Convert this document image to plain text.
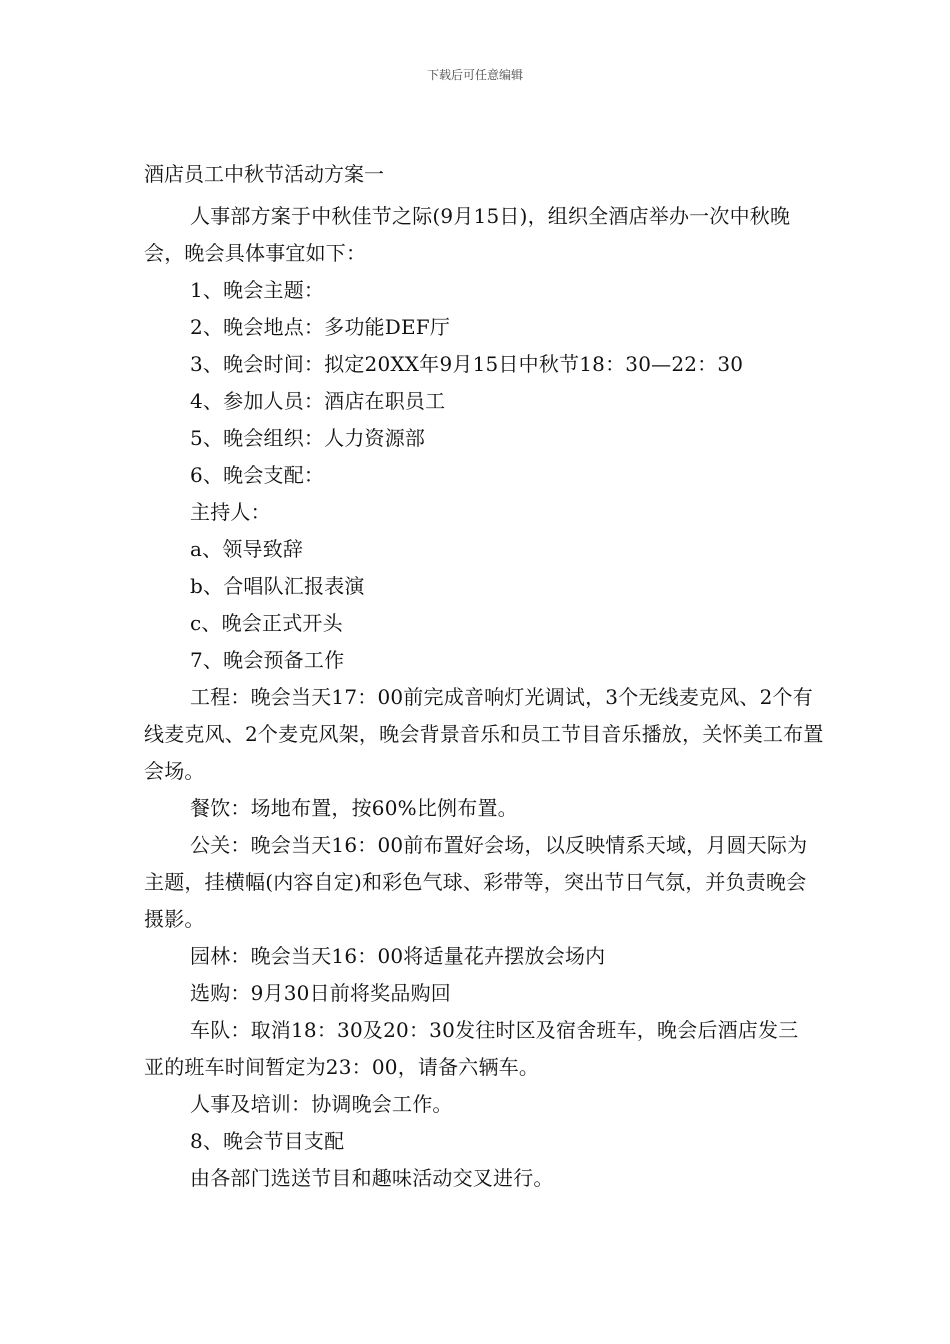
下载后可任意编辑
酒店员工中秋节活动方案一

人事部方案于中秋佳节之际(9月15日)，组织全酒店举办一次中秋晚会，晚会具体事宜如下：

1、晚会主题：

2、晚会地点：多功能DEF厅

3、晚会时间：拟定20XX年9月15日中秋节18：30—22：30

4、参加人员：酒店在职员工

5、晚会组织：人力资源部

6、晚会支配：

主持人：

a、领导致辞

b、合唱队汇报表演

c、晚会正式开头

7、晚会预备工作

工程：晚会当天17：00前完成音响灯光调试，3个无线麦克风、2个有线麦克风、2个麦克风架，晚会背景音乐和员工节目音乐播放，关怀美工布置会场。

餐饮：场地布置，按60%比例布置。

公关：晚会当天16：00前布置好会场，以反映情系天域，月圆天际为主题，挂横幅(内容自定)和彩色气球、彩带等，突出节日气氛，并负责晚会摄影。

园林：晚会当天16：00将适量花卉摆放会场内

选购：9月30日前将奖品购回

车队：取消18：30及20：30发往时区及宿舍班车，晚会后酒店发三亚的班车时间暂定为23：00，请备六辆车。

人事及培训：协调晚会工作。

8、晚会节目支配

由各部门选送节目和趣味活动交叉进行。
